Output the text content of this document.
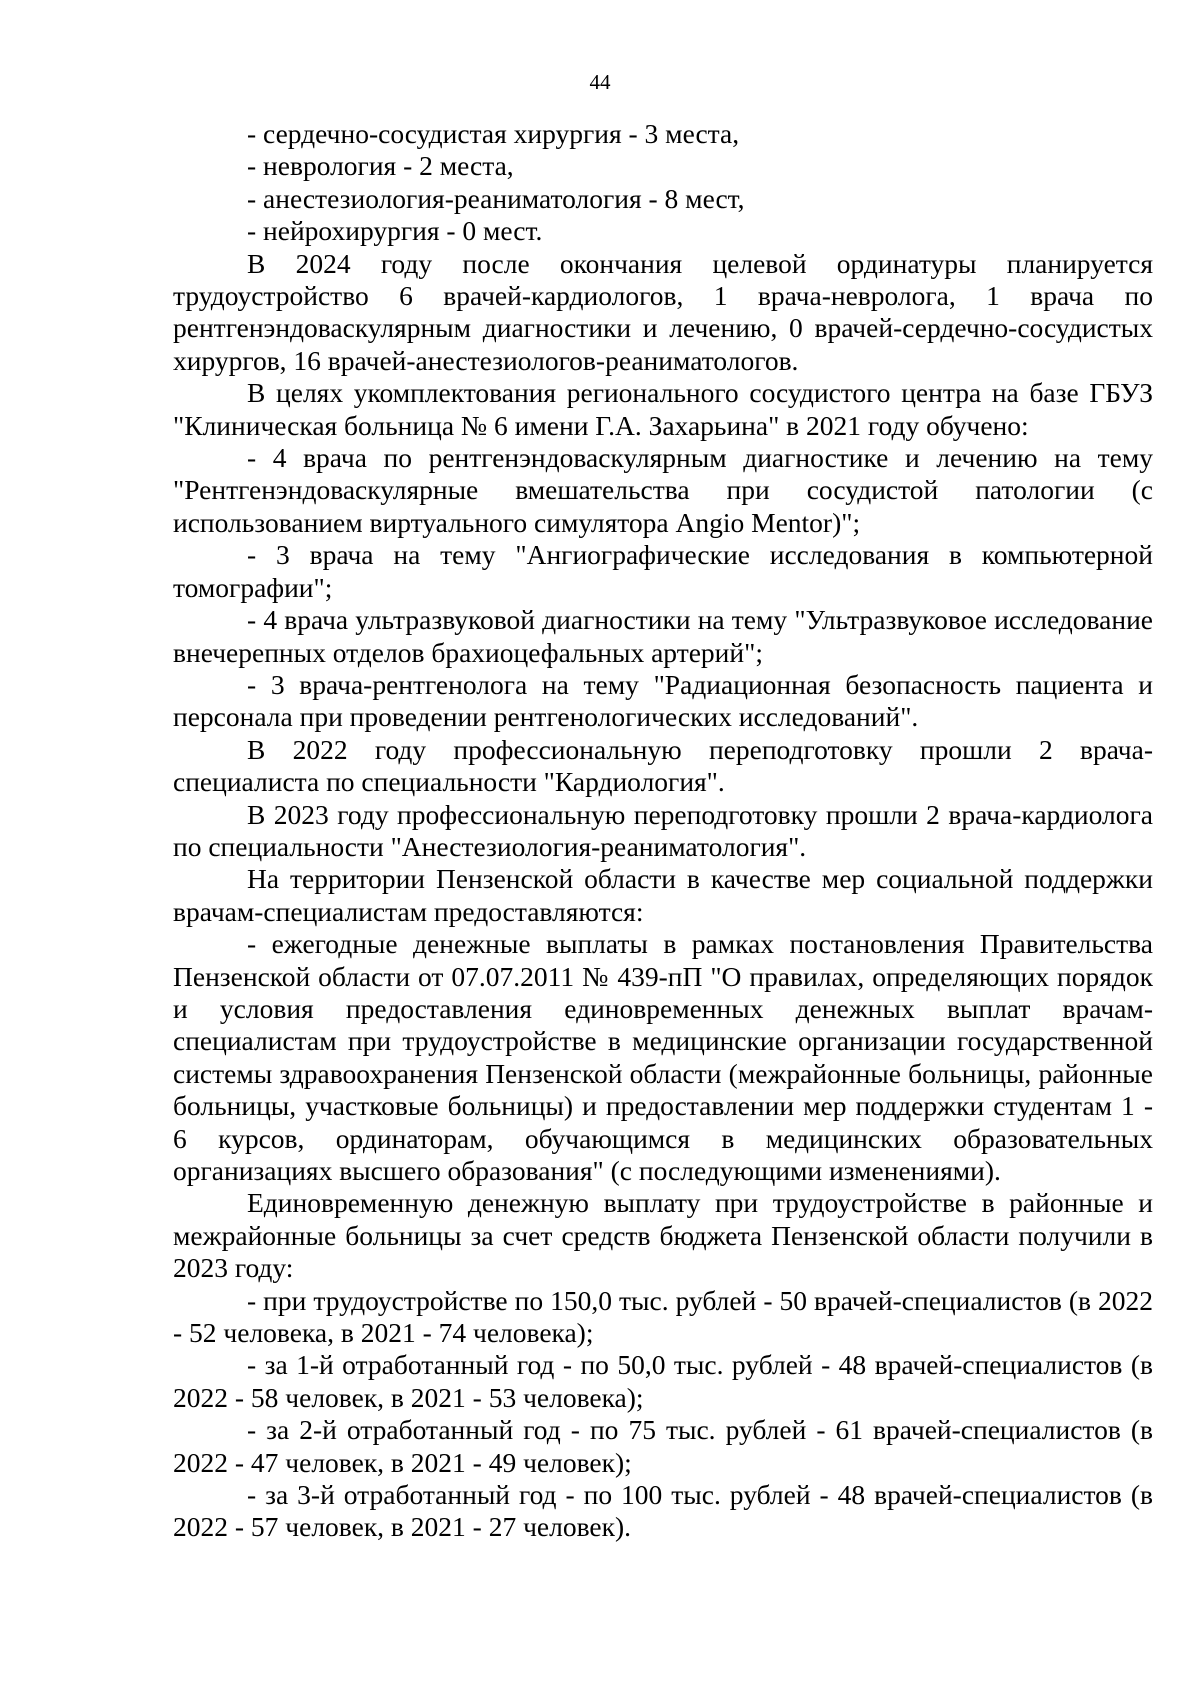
44

- сердечно-сосудистая хирургия - 3 места,

- неврология - 2 места,

- анестезиология-реаниматология - 8 мест,

- нейрохирургия - 0 мест.

В 2024 году после окончания целевой ординатуры планируется трудоустройство 6 врачей-кардиологов, 1 врача-невролога, 1 врача по рентгенэндоваскулярным диагностики и лечению, 0 врачей-сердечно-сосудистых хирургов, 16 врачей-анестезиологов-реаниматологов.

В целях укомплектования регионального сосудистого центра на базе ГБУЗ "Клиническая больница № 6 имени Г.А. Захарьина" в 2021 году обучено:

- 4 врача по рентгенэндоваскулярным диагностике и лечению на тему "Рентгенэндоваскулярные вмешательства при сосудистой патологии (с использованием виртуального симулятора Angio Mentor)";

- 3 врача на тему "Ангиографические исследования в компьютерной томографии";

- 4 врача ультразвуковой диагностики на тему "Ультразвуковое исследование внечерепных отделов брахиоцефальных артерий";

- 3 врача-рентгенолога на тему "Радиационная безопасность пациента и персонала при проведении рентгенологических исследований".

В 2022 году профессиональную переподготовку прошли 2 врача-специалиста по специальности "Кардиология".

В 2023 году профессиональную переподготовку прошли 2 врача-кардиолога по специальности "Анестезиология-реаниматология".

На территории Пензенской области в качестве мер социальной поддержки врачам-специалистам предоставляются:

- ежегодные денежные выплаты в рамках постановления Правительства Пензенской области от 07.07.2011 № 439-пП "О правилах, определяющих порядок и условия предоставления единовременных денежных выплат врачам-специалистам при трудоустройстве в медицинские организации государственной системы здравоохранения Пензенской области (межрайонные больницы, районные больницы, участковые больницы) и предоставлении мер поддержки студентам 1 - 6 курсов, ординаторам, обучающимся в медицинских образовательных организациях высшего образования" (с последующими изменениями).

Единовременную денежную выплату при трудоустройстве в районные и межрайонные больницы за счет средств бюджета Пензенской области получили в 2023 году:

- при трудоустройстве по 150,0 тыс. рублей - 50 врачей-специалистов (в 2022 - 52 человека, в 2021 - 74 человека);

- за 1-й отработанный год - по 50,0 тыс. рублей - 48 врачей-специалистов (в 2022 - 58 человек, в 2021 - 53 человека);

- за 2-й отработанный год - по 75 тыс. рублей - 61 врачей-специалистов (в 2022 - 47 человек, в 2021 - 49 человек);

- за 3-й отработанный год - по 100 тыс. рублей - 48 врачей-специалистов (в 2022 - 57 человек, в 2021 - 27 человек).
